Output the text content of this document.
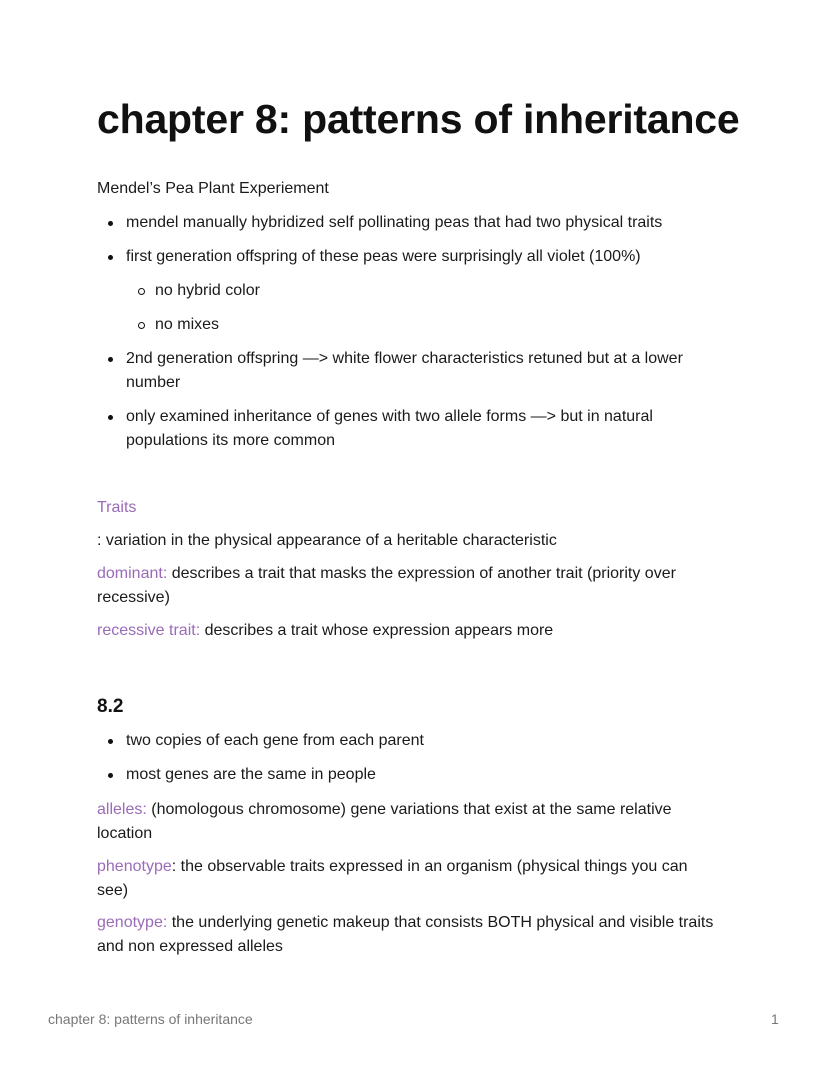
chapter 8: patterns of inheritance

Mendel’s Pea Plant Experiement

mendel manually hybridized self pollinating peas that had two physical traits
first generation offspring of these peas were surprisingly all violet (100%)
no hybrid color
no mixes
2nd generation offspring —> white flower characteristics retuned but at a lower number
only examined inheritance of genes with two allele forms —> but in natural populations its more common

Traits

: variation in the physical appearance of a heritable characteristic

dominant: describes a trait that masks the expression of another trait (priority over recessive)

recessive trait: describes a trait whose expression appears more

8.2
two copies of each gene from each parent
most genes are the same in people

alleles: (homologous chromosome) gene variations that exist at the same relative location

phenotype: the observable traits expressed in an organism (physical things you can see)

genotype: the underlying genetic makeup that consists BOTH physical and visible traits and non expressed alleles

chapter 8: patterns of inheritance	1
